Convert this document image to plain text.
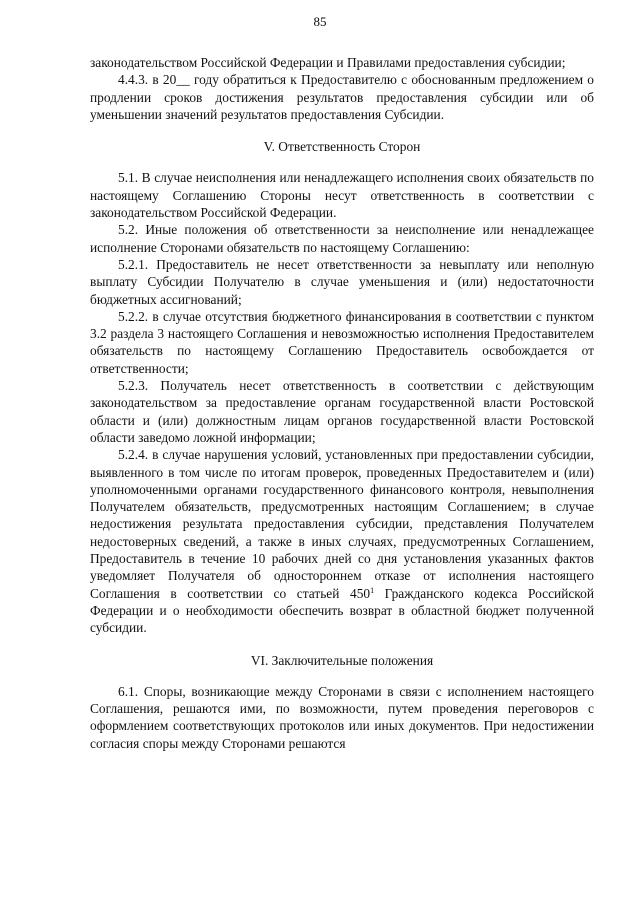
85

законодательством Российской Федерации и Правилами предоставления субсидии;

4.4.3. в 20__ году обратиться к Предоставителю с обоснованным предложением о продлении сроков достижения результатов предоставления субсидии или об уменьшении значений результатов предоставления Субсидии.

V. Ответственность Сторон

5.1. В случае неисполнения или ненадлежащего исполнения своих обязательств по настоящему Соглашению Стороны несут ответственность в соответствии с законодательством Российской Федерации.

5.2. Иные положения об ответственности за неисполнение или ненадлежащее исполнение Сторонами обязательств по настоящему Соглашению:

5.2.1. Предоставитель не несет ответственности за невыплату или неполную выплату Субсидии Получателю в случае уменьшения и (или) недостаточности бюджетных ассигнований;

5.2.2. в случае отсутствия бюджетного финансирования в соответствии с пунктом 3.2 раздела 3 настоящего Соглашения и невозможностью исполнения Предоставителем обязательств по настоящему Соглашению Предоставитель освобождается от ответственности;

5.2.3. Получатель несет ответственность в соответствии с действующим законодательством за предоставление органам государственной власти Ростовской области и (или) должностным лицам органов государственной власти Ростовской области заведомо ложной информации;

5.2.4. в случае нарушения условий, установленных при предоставлении субсидии, выявленного в том числе по итогам проверок, проведенных Предоставителем и (или) уполномоченными органами государственного финансового контроля, невыполнения Получателем обязательств, предусмотренных настоящим Соглашением; в случае недостижения результата предоставления субсидии, представления Получателем недостоверных сведений, а также в иных случаях, предусмотренных Соглашением, Предоставитель в течение 10 рабочих дней со дня установления указанных фактов уведомляет Получателя об одностороннем отказе от исполнения настоящего Соглашения в соответствии со статьей $450^1$ Гражданского кодекса Российской Федерации и о необходимости обеспечить возврат в областной бюджет полученной субсидии.

VI. Заключительные положения

6.1. Споры, возникающие между Сторонами в связи с исполнением настоящего Соглашения, решаются ими, по возможности, путем проведения переговоров с оформлением соответствующих протоколов или иных документов. При недостижении согласия споры между Сторонами решаются
